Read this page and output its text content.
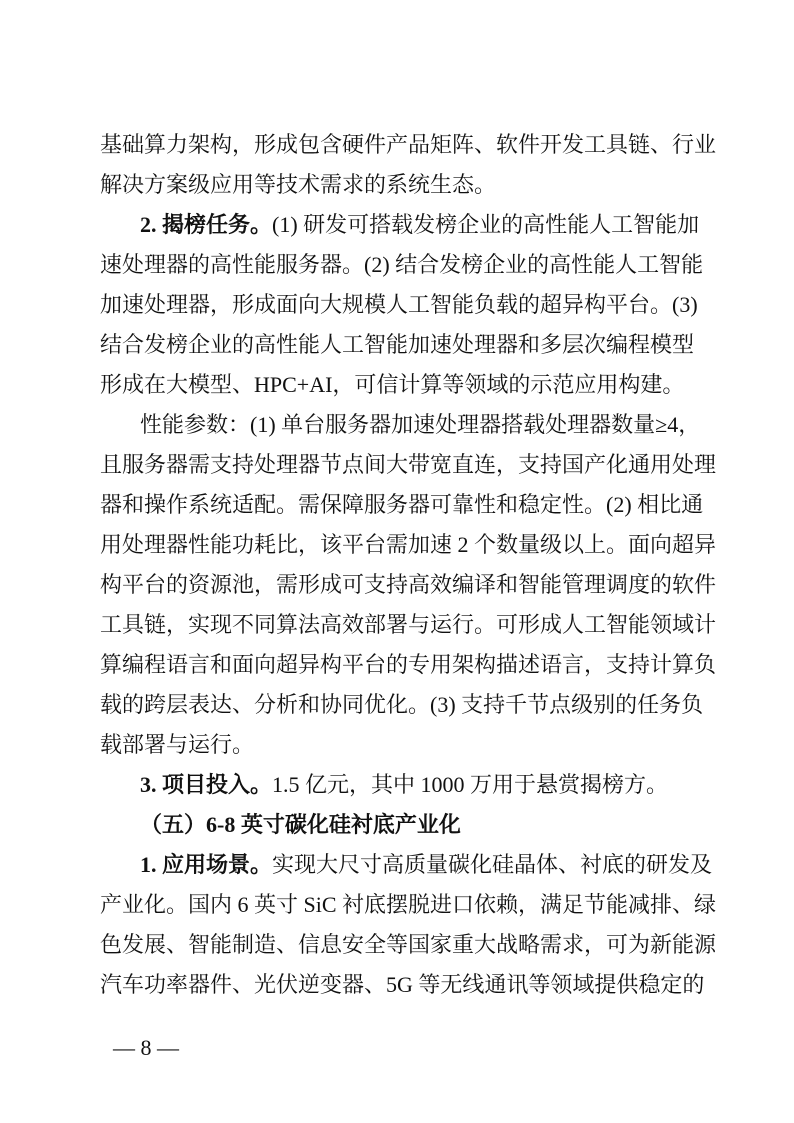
基础算力架构，形成包含硬件产品矩阵、软件开发工具链、行业
解决方案级应用等技术需求的系统生态。
2. 揭榜任务。(1) 研发可搭载发榜企业的高性能人工智能加
速处理器的高性能服务器。(2) 结合发榜企业的高性能人工智能
加速处理器，形成面向大规模人工智能负载的超异构平台。(3)
结合发榜企业的高性能人工智能加速处理器和多层次编程模型
形成在大模型、HPC+AI，可信计算等领域的示范应用构建。
性能参数：(1) 单台服务器加速处理器搭载处理器数量≥4，
且服务器需支持处理器节点间大带宽直连，支持国产化通用处理
器和操作系统适配。需保障服务器可靠性和稳定性。(2) 相比通
用处理器性能功耗比，该平台需加速 2 个数量级以上。面向超异
构平台的资源池，需形成可支持高效编译和智能管理调度的软件
工具链，实现不同算法高效部署与运行。可形成人工智能领域计
算编程语言和面向超异构平台的专用架构描述语言，支持计算负
载的跨层表达、分析和协同优化。(3) 支持千节点级别的任务负
载部署与运行。
3. 项目投入。1.5 亿元，其中 1000 万用于悬赏揭榜方。
（五）6-8 英寸碳化硅衬底产业化
1. 应用场景。实现大尺寸高质量碳化硅晶体、衬底的研发及
产业化。国内 6 英寸 SiC 衬底摆脱进口依赖，满足节能减排、绿
色发展、智能制造、信息安全等国家重大战略需求，可为新能源
汽车功率器件、光伏逆变器、5G 等无线通讯等领域提供稳定的
— 8 —
